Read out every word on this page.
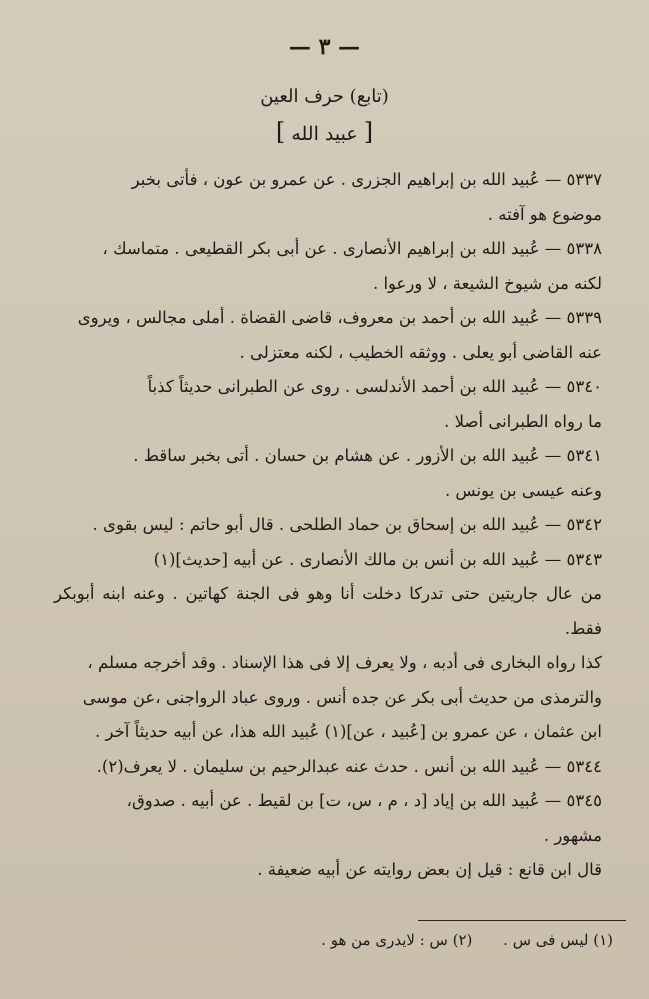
— ٣ —
(تابع) حرف العين
[ عبيد الله ]

٥٣٣٧ — عُبيد الله بن إبراهيم الجزرى . عن عمرو بن عون ، فأتى بخبر

موضوع هو آفته .

٥٣٣٨ — عُبيد الله بن إبراهيم الأنصارى . عن أبى بكر القطيعى . متماسك ،

لكنه من شيوخ الشيعة ، لا ورعوا .

٥٣٣٩ — عُبيد الله بن أحمد بن معروف، قاضى القضاة . أملى مجالس ، ويروى

عنه القاضى أبو يعلى . ووثقه الخطيب ، لكنه معتزلى .

٥٣٤٠ — عُبيد الله بن أحمد الأندلسى . روى عن الطبرانى حديثاً كذباً

ما رواه الطبرانى أصلا .

٥٣٤١ — عُبيد الله بن الأزور . عن هشام بن حسان . أتى بخبر ساقط .

وعنه عيسى بن يونس .

٥٣٤٢ — عُبيد الله بن إسحاق بن حماد الطلحى . قال أبو حاتم : ليس بقوى .

٥٣٤٣ — عُبيد الله بن أنس بن مالك الأنصارى . عن أبيه [حديث](١)

من عال جاريتين حتى تدركا دخلت أنا وهو فى الجنة كهاتين . وعنه ابنه أبوبكر فقط.

كذا رواه البخارى فى أدبه ، ولا يعرف إلا فى هذا الإسناد . وقد أخرجه مسلم ،

والترمذى من حديث أبى بكر عن جده أنس . وروى عباد الرواجنى ،عن موسى

ابن عثمان ، عن عمرو بن [عُبيد ، عن](١) عُبيد الله هذا، عن أبيه حديثاً آخر .

٥٣٤٤ — عُبيد الله بن أنس . حدث عنه عبدالرحيم بن سليمان . لا يعرف(٢).

٥٣٤٥ — عُبيد الله بن إياد [د ، م ، س، ت] بن لقيط . عن أبيه . صدوق،

مشهور .

قال ابن قانع : قيل إن بعض روايته عن أبيه ضعيفة .

(١) ليس فى س . (٢) س : لايدرى من هو .
